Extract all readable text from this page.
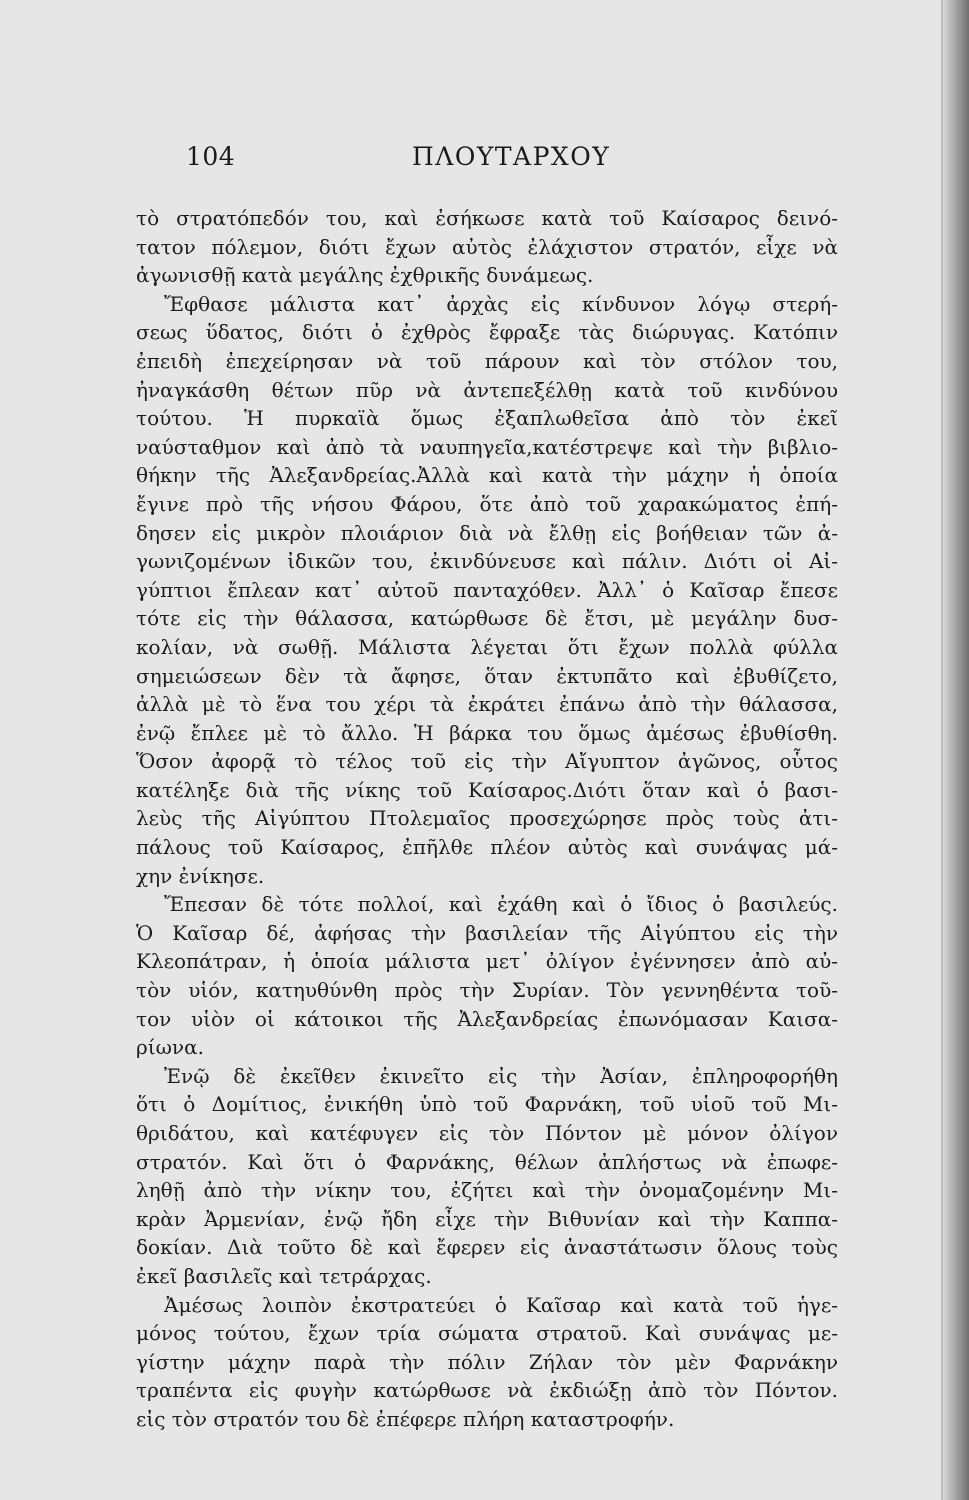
104	ΠΛΟΥΤΑΡΧΟΥ
τὸ στρατόπεδόν του, καὶ ἐσήκωσε κατὰ τοῦ Καίσαρος δεινό-
τατον πόλεμον, διότι ἔχων αὐτὸς ἐλάχιστον στρατόν, εἶχε νὰ
ἀγωνισθῇ κατὰ μεγάλης ἐχθρικῆς δυνάμεως.
Ἔφθασε μάλιστα κατ᾽ ἀρχὰς εἰς κίνδυνον λόγῳ στερή-
σεως ὕδατος, διότι ὁ ἐχθρὸς ἔφραξε τὰς διώρυγας. Κατόπιν
ἐπειδὴ ἐπεχείρησαν νὰ τοῦ πάρουν καὶ τὸν στόλον του,
ἠναγκάσθη θέτων πῦρ νὰ ἀντεπεξέλθῃ κατὰ τοῦ κινδύνου
τούτου. Ἡ πυρκαϊὰ ὅμως ἐξαπλωθεῖσα ἀπὸ τὸν ἐκεῖ
ναύσταθμον καὶ ἀπὸ τὰ ναυπηγεῖα,κατέστρεψε καὶ τὴν βιβλιο-
θήκην τῆς Ἀλεξανδρείας.Ἀλλὰ καὶ κατὰ τὴν μάχην ἡ ὁποία
ἔγινε πρὸ τῆς νήσου Φάρου, ὅτε ἀπὸ τοῦ χαρακώματος ἐπή-
δησεν εἰς μικρὸν πλοιάριον διὰ νὰ ἔλθῃ εἰς βοήθειαν τῶν ἀ-
γωνιζομένων ἰδικῶν του, ἐκινδύνευσε καὶ πάλιν. Διότι οἱ Αἰ-
γύπτιοι ἔπλεαν κατ᾽ αὐτοῦ πανταχόθεν. Ἀλλ᾽ ὁ Καῖσαρ ἔπεσε
τότε εἰς τὴν θάλασσα, κατώρθωσε δὲ ἔτσι, μὲ μεγάλην δυσ-
κολίαν, νὰ σωθῇ. Μάλιστα λέγεται ὅτι ἔχων πολλὰ φύλλα
σημειώσεων δὲν τὰ ἄφησε, ὅταν ἐκτυπᾶτο καὶ ἐβυθίζετο,
ἀλλὰ μὲ τὸ ἕνα του χέρι τὰ ἐκράτει ἐπάνω ἀπὸ τὴν θάλασσα,
ἐνῷ ἔπλεε μὲ τὸ ἄλλο. Ἡ βάρκα του ὅμως ἀμέσως ἐβυθίσθη.
Ὅσον ἀφορᾷ τὸ τέλος τοῦ εἰς τὴν Αἴγυπτον ἀγῶνος, οὗτος
κατέληξε διὰ τῆς νίκης τοῦ Καίσαρος.Διότι ὅταν καὶ ὁ βασι-
λεὺς τῆς Αἰγύπτου Πτολεμαῖος προσεχώρησε πρὸς τοὺς ἀτι-
πάλους τοῦ Καίσαρος, ἐπῆλθε πλέον αὐτὸς καὶ συνάψας μά-
χην ἐνίκησε.
Ἔπεσαν δὲ τότε πολλοί, καὶ ἐχάθη καὶ ὁ ἴδιος ὁ βασιλεύς.
Ὁ Καῖσαρ δέ, ἀφήσας τὴν βασιλείαν τῆς Αἰγύπτου εἰς τὴν
Κλεοπάτραν, ἡ ὁποία μάλιστα μετ᾽ ὀλίγον ἐγέννησεν ἀπὸ αὐ-
τὸν υἱόν, κατηυθύνθη πρὸς τὴν Συρίαν. Τὸν γεννηθέντα τοῦ-
τον υἱὸν οἱ κάτοικοι τῆς Ἀλεξανδρείας ἐπωνόμασαν Καισα-
ρίωνα.
Ἐνῷ δὲ ἐκεῖθεν ἐκινεῖτο εἰς τὴν Ἀσίαν, ἐπληροφορήθη
ὅτι ὁ Δομίτιος, ἐνικήθη ὑπὸ τοῦ Φαρνάκη, τοῦ υἱοῦ τοῦ Μι-
θριδάτου, καὶ κατέφυγεν εἰς τὸν Πόντον μὲ μόνον ὀλίγον
στρατόν. Καὶ ὅτι ὁ Φαρνάκης, θέλων ἀπλήστως νὰ ἐπωφε-
ληθῇ ἀπὸ τὴν νίκην του, ἐζήτει καὶ τὴν ὀνομαζομένην Μι-
κρὰν Ἀρμενίαν, ἐνῷ ἤδη εἶχε τὴν Βιθυνίαν καὶ τὴν Καππα-
δοκίαν. Διὰ τοῦτο δὲ καὶ ἔφερεν εἰς ἀναστάτωσιν ὅλους τοὺς
ἐκεῖ βασιλεῖς καὶ τετράρχας.
Ἀμέσως λοιπὸν ἐκστρατεύει ὁ Καῖσαρ καὶ κατὰ τοῦ ἡγε-
μόνος τούτου, ἔχων τρία σώματα στρατοῦ. Καὶ συνάψας με-
γίστην μάχην παρὰ τὴν πόλιν Ζήλαν τὸν μὲν Φαρνάκην
τραπέντα εἰς φυγὴν κατώρθωσε νὰ ἐκδιώξῃ ἀπὸ τὸν Πόντον.
εἰς τὸν στρατόν του δὲ ἐπέφερε πλήρη καταστροφήν.
